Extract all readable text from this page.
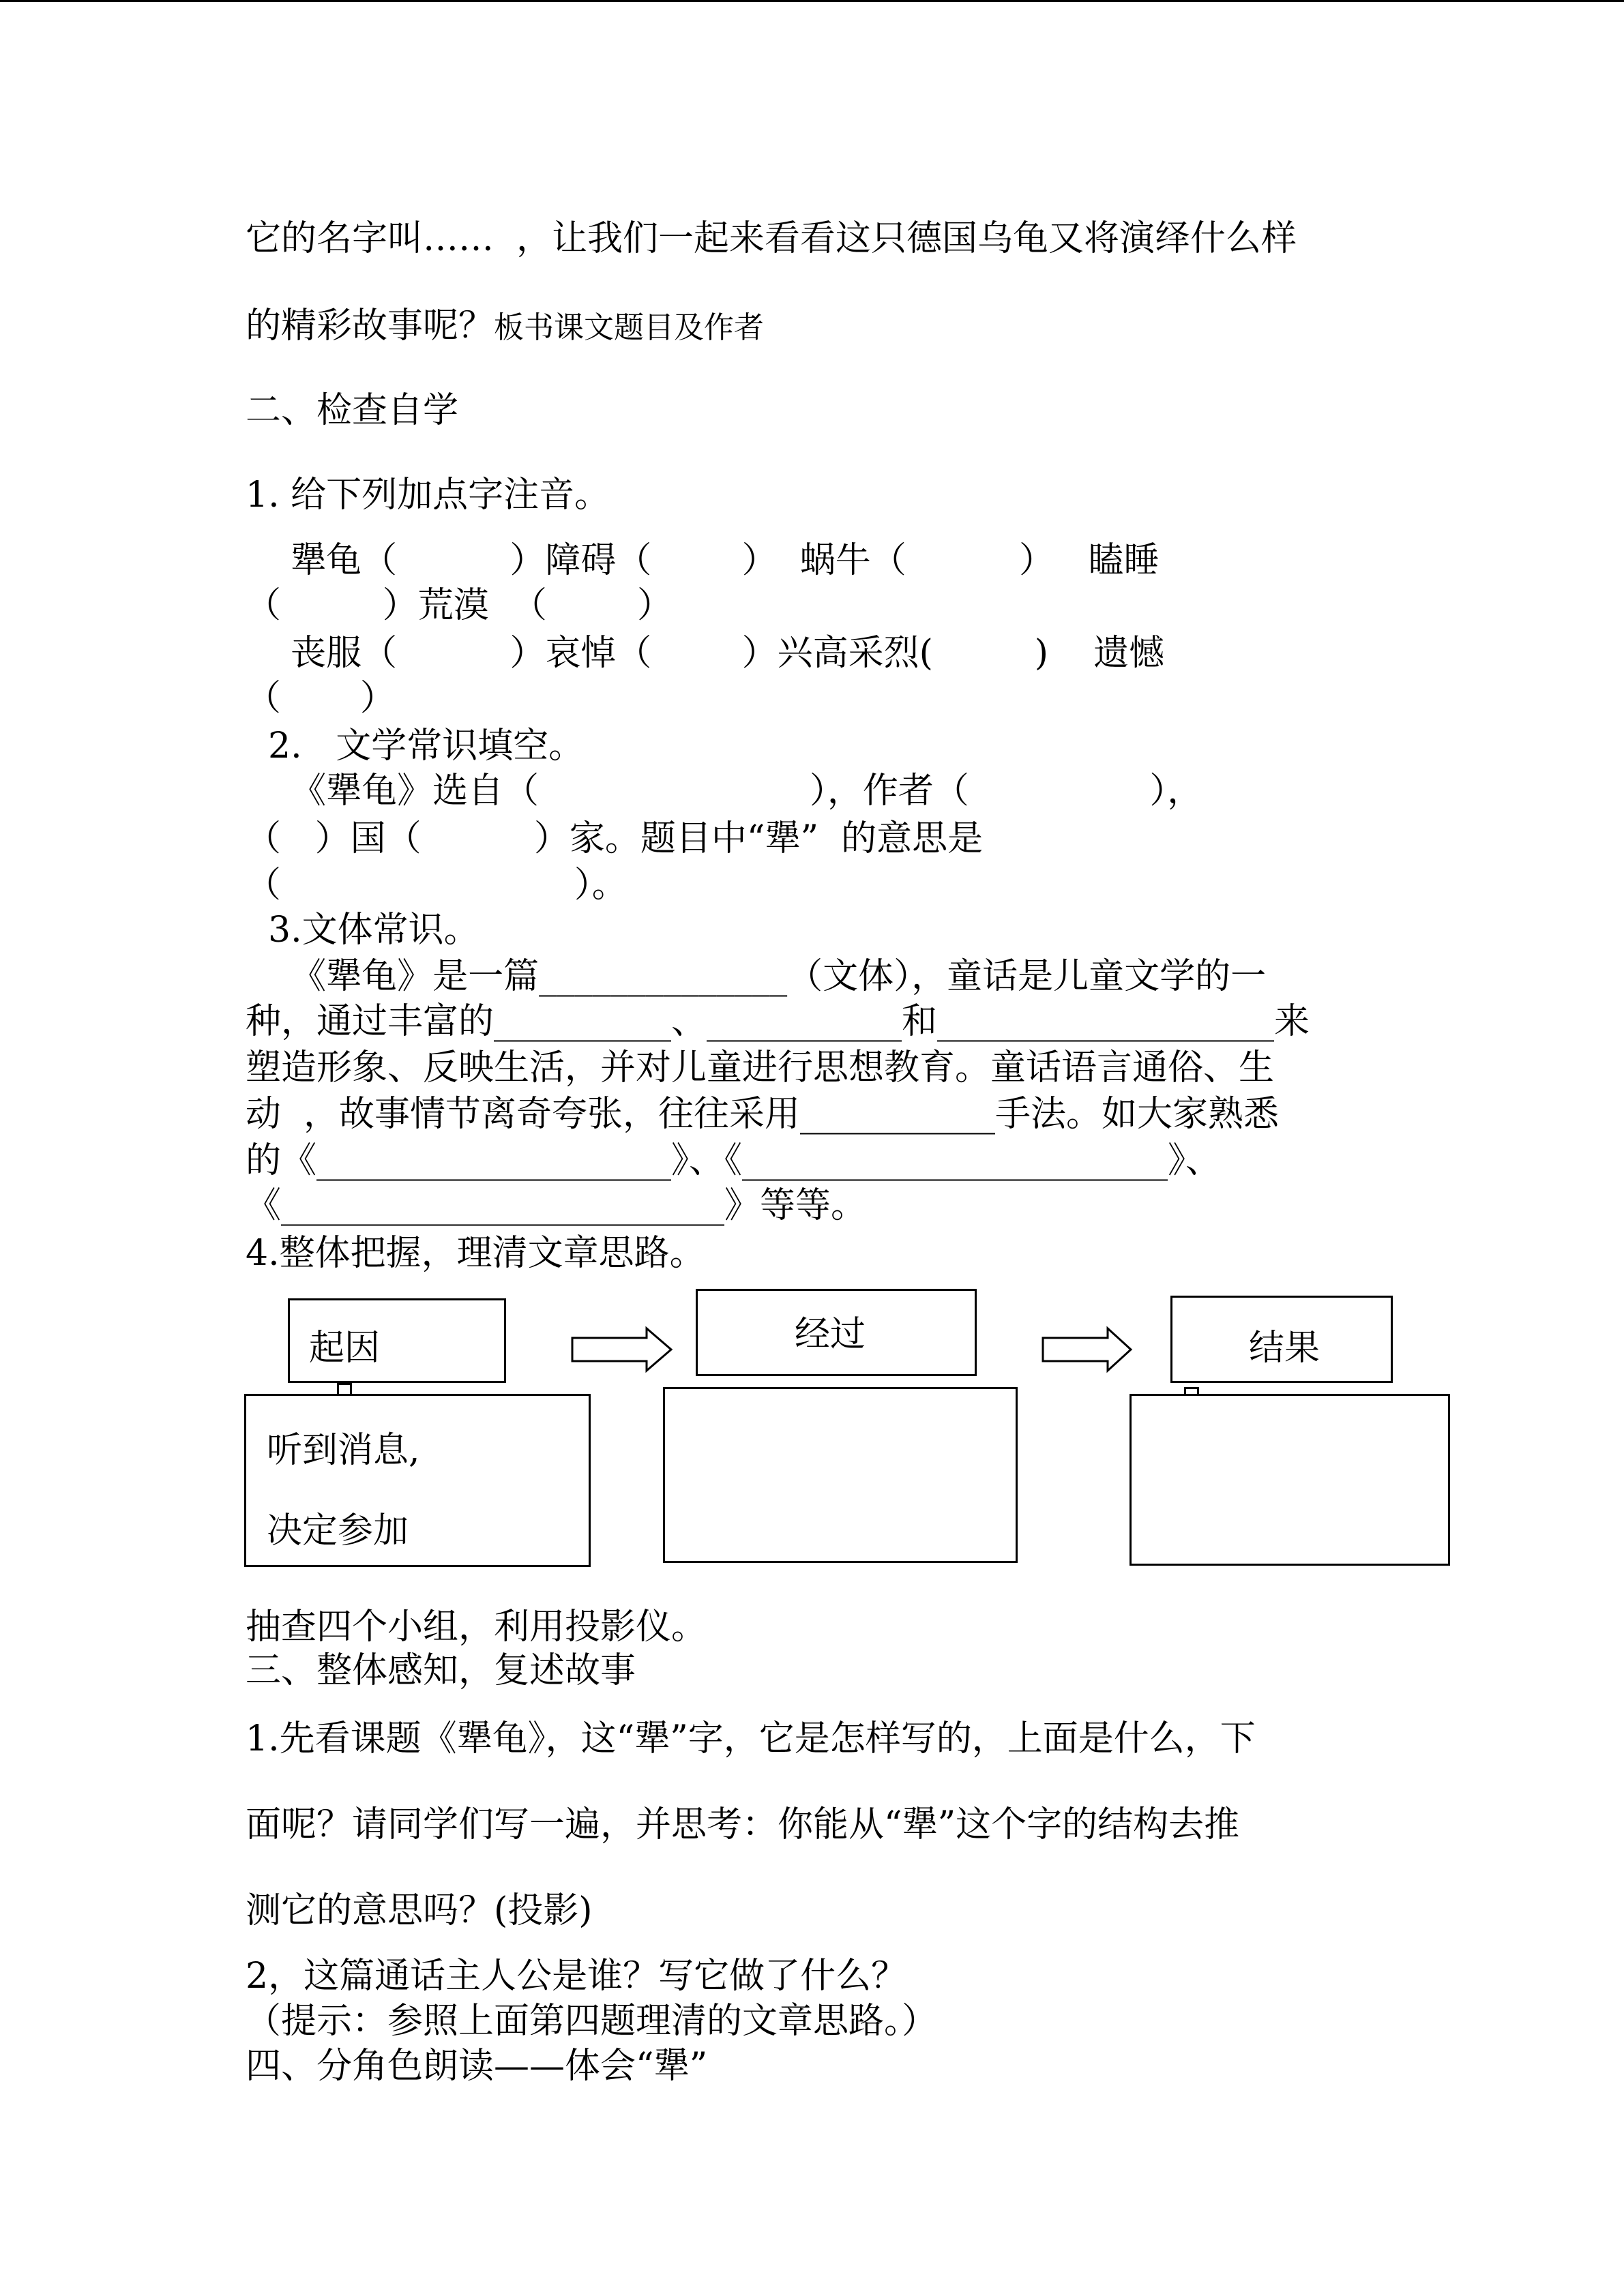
它的名字叫……  ，让我们一起来看看这只德国乌龟又将演绎什么样
的精彩故事呢？板书课文题目及作者
二、检查自学
1. 给下列加点字注音。
犟龟（          ）障碍（        ）  蜗牛（          ）   瞌睡
（         ）荒漠  （        ）
丧服（          ）哀悼（        ）兴高采烈(         )    遗憾
（       ）
2.   文学常识填空。
《犟龟》选自（                        ），作者（                ），
（   ）国（          ）家。题目中“犟”  的意思是
（                          ）。
3.文体常识。
《犟龟》是一篇______________（文体），童话是儿童文学的一
种，通过丰富的__________、___________和___________________来
塑造形象、反映生活，并对儿童进行思想教育。童话语言通俗、生
动  ，故事情节离奇夸张，往往采用___________手法。如大家熟悉
的《____________________》、《________________________》、
《_________________________》等等。
4.整体把握，理清文章思路。
起因
听到消息,
决定参加
经过	结果
抽查四个小组，利用投影仪。
三、整体感知，复述故事
1.先看课题《犟龟》，这“犟”字，它是怎样写的，上面是什么，下
面呢？请同学们写一遍，并思考：你能从“犟”这个字的结构去推
测它的意思吗？(投影)
2，这篇通话主人公是谁？写它做了什么？
（提示：参照上面第四题理清的文章思路。）
四、分角色朗读——体会“犟”
